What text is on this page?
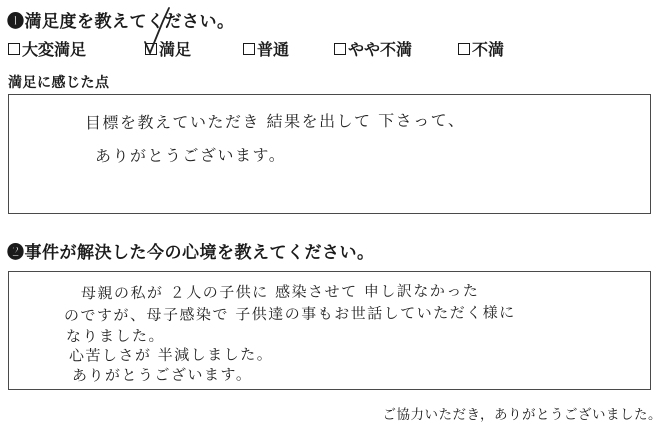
❶満足度を教えてください。
大変満足	満足	普通	やや不満	不満
満足に感じた点
目標を教えていただき 結果を出して 下さって、
ありがとうございます。
❷事件が解決した今の心境を教えてください。
母親の私が ２人の子供に 感染させて 申し訳なかった
のですが、母子感染で 子供達の事もお世話していただく様に
なりました。
心苦しさが 半減しました。
ありがとうございます。
ご協力いただき，ありがとうございました。
